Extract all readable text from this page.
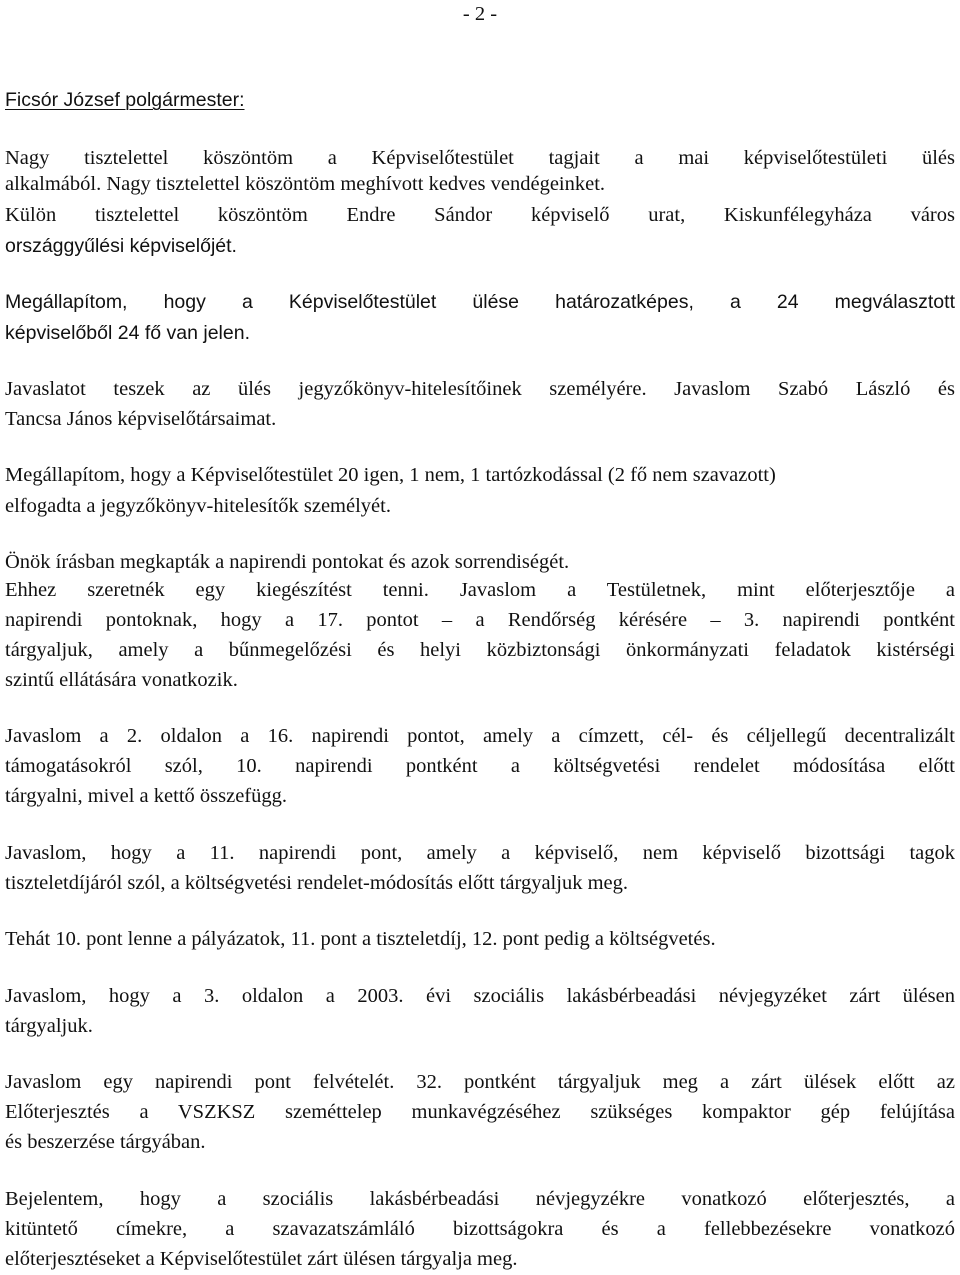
- 2 -
Ficsór József polgármester:
Nagy tisztelettel köszöntöm a Képviselőtestület tagjait a mai képviselőtestületi ülés
alkalmából. Nagy tisztelettel köszöntöm meghívott kedves vendégeinket.
Külön tisztelettel köszöntöm Endre Sándor képviselő urat, Kiskunfélegyháza város
országgyűlési képviselőjét.
Megállapítom, hogy a Képviselőtestület ülése határozatképes, a 24 megválasztott
képviselőből 24 fő van jelen.
Javaslatot teszek az ülés jegyzőkönyv-hitelesítőinek személyére. Javaslom Szabó László és
Tancsa János képviselőtársaimat.
Megállapítom, hogy a Képviselőtestület 20 igen, 1 nem, 1 tartózkodással (2 fő nem szavazott)
elfogadta a jegyzőkönyv-hitelesítők személyét.
Önök írásban megkapták a napirendi pontokat és azok sorrendiségét.
Ehhez szeretnék egy kiegészítést tenni. Javaslom a Testületnek, mint előterjesztője a
napirendi pontoknak, hogy a 17. pontot – a Rendőrség kérésére – 3. napirendi pontként
tárgyaljuk, amely a bűnmegelőzési és helyi közbiztonsági önkormányzati feladatok kistérségi
szintű ellátására vonatkozik.
Javaslom a 2. oldalon a 16. napirendi pontot, amely a címzett, cél- és céljellegű decentralizált
támogatásokról szól, 10. napirendi pontként a költségvetési rendelet módosítása előtt
tárgyalni, mivel a kettő összefügg.
Javaslom, hogy a 11. napirendi pont, amely a képviselő, nem képviselő bizottsági tagok
tiszteletdíjáról szól, a költségvetési rendelet-módosítás előtt tárgyaljuk meg.
Tehát 10. pont lenne a pályázatok, 11. pont a tiszteletdíj, 12. pont pedig a költségvetés.
Javaslom, hogy a 3. oldalon a 2003. évi szociális lakásbérbeadási névjegyzéket zárt ülésen
tárgyaljuk.
Javaslom egy napirendi pont felvételét. 32. pontként tárgyaljuk meg a zárt ülések előtt az
Előterjesztés a VSZKSZ szeméttelep munkavégzéséhez szükséges kompaktor gép felújítása
és beszerzése tárgyában.
Bejelentem, hogy a szociális lakásbérbeadási névjegyzékre vonatkozó előterjesztés, a
kitüntető címekre, a szavazatszámláló bizottságokra és a fellebbezésekre vonatkozó
előterjesztéseket a Képviselőtestület zárt ülésen tárgyalja meg.
